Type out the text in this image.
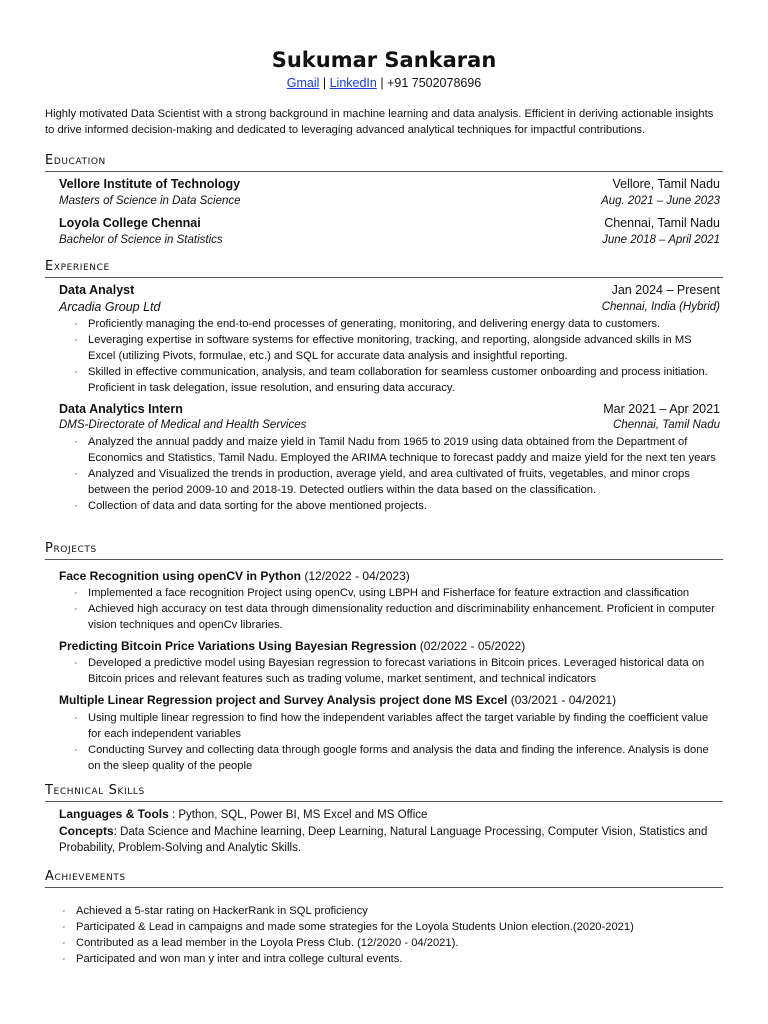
Sukumar Sankaran
Gmail | LinkedIn | +91 7502078696
Highly motivated Data Scientist with a strong background in machine learning and data analysis. Efficient in deriving actionable insights to drive informed decision-making and dedicated to leveraging advanced analytical techniques for impactful contributions.
Education
Vellore Institute of Technology	Vellore, Tamil Nadu
Masters of Science in Data Science	Aug. 2021 – June 2023
Loyola College Chennai	Chennai, Tamil Nadu
Bachelor of Science in Statistics	June 2018 – April 2021
Experience
Data Analyst	Jan 2024 – Present
Arcadia Group Ltd	Chennai, India (Hybrid)
· Proficiently managing the end-to-end processes of generating, monitoring, and delivering energy data to customers.
· Leveraging expertise in software systems for effective monitoring, tracking, and reporting, alongside advanced skills in MS Excel (utilizing Pivots, formulae, etc.) and SQL for accurate data analysis and insightful reporting.
· Skilled in effective communication, analysis, and team collaboration for seamless customer onboarding and process initiation. Proficient in task delegation, issue resolution, and ensuring data accuracy.
Data Analytics Intern	Mar 2021 – Apr 2021
DMS-Directorate of Medical and Health Services	Chennai, Tamil Nadu
· Analyzed the annual paddy and maize yield in Tamil Nadu from 1965 to 2019 using data obtained from the Department of Economics and Statistics, Tamil Nadu. Employed the ARIMA technique to forecast paddy and maize yield for the next ten years
· Analyzed and Visualized the trends in production, average yield, and area cultivated of fruits, vegetables, and minor crops between the period 2009-10 and 2018-19. Detected outliers within the data based on the classification.
· Collection of data and data sorting for the above mentioned projects.
Projects
Face Recognition using openCV in Python (12/2022 - 04/2023)
· Implemented a face recognition Project using openCv, using LBPH and Fisherface for feature extraction and classification
· Achieved high accuracy on test data through dimensionality reduction and discriminability enhancement. Proficient in computer vision techniques and openCv libraries.
Predicting Bitcoin Price Variations Using Bayesian Regression (02/2022 - 05/2022)
· Developed a predictive model using Bayesian regression to forecast variations in Bitcoin prices. Leveraged historical data on Bitcoin prices and relevant features such as trading volume, market sentiment, and technical indicators
Multiple Linear Regression project and Survey Analysis project done MS Excel (03/2021 - 04/2021)
· Using multiple linear regression to find how the independent variables affect the target variable by finding the coefficient value for each independent variables
· Conducting Survey and collecting data through google forms and analysis the data and finding the inference. Analysis is done on the sleep quality of the people
Technical Skills
Languages & Tools : Python, SQL, Power BI, MS Excel and MS Office
Concepts: Data Science and Machine learning, Deep Learning, Natural Language Processing, Computer Vision, Statistics and Probability, Problem-Solving and Analytic Skills.
Achievements
· Achieved a 5-star rating on HackerRank in SQL proficiency
· Participated & Lead in campaigns and made some strategies for the Loyola Students Union election.(2020-2021)
· Contributed as a lead member in the Loyola Press Club. (12/2020 - 04/2021).
· Participated and won man y inter and intra college cultural events.
